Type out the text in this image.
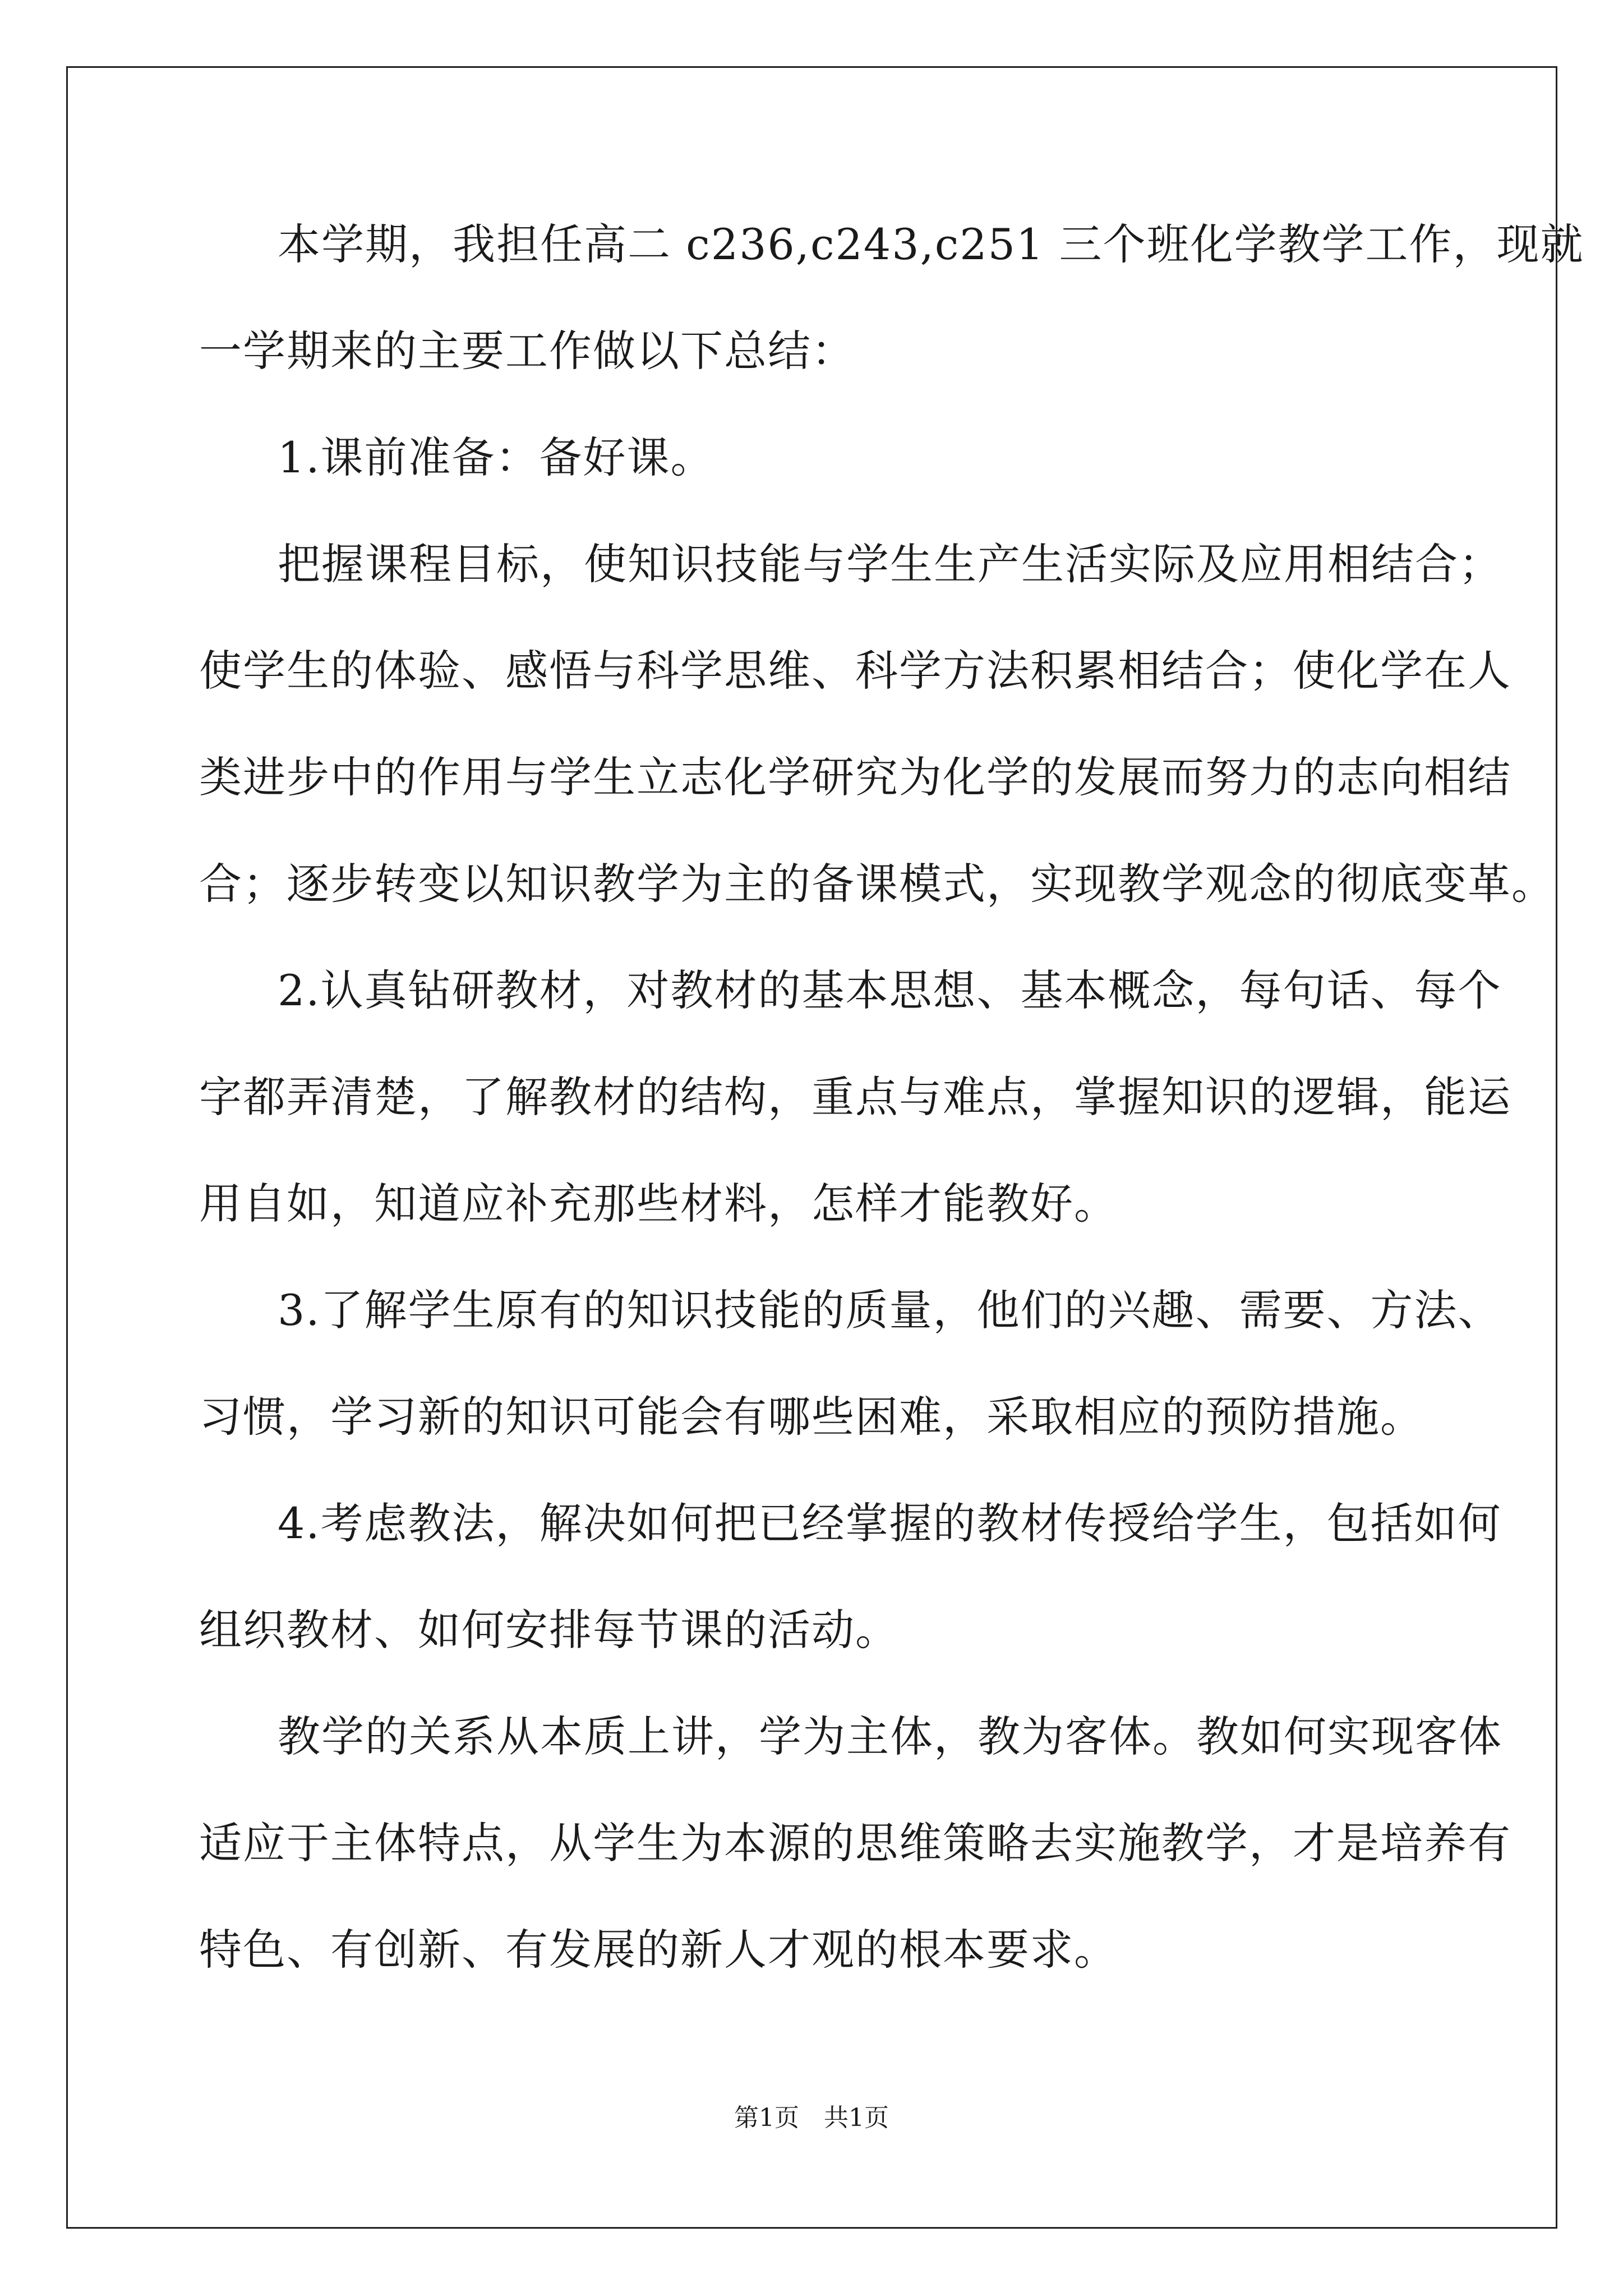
本学期，我担任高二 c236,c243,c251 三个班化学教学工作，现就
一学期来的主要工作做以下总结：
1.课前准备：备好课。
把握课程目标，使知识技能与学生生产生活实际及应用相结合；
使学生的体验、感悟与科学思维、科学方法积累相结合；使化学在人
类进步中的作用与学生立志化学研究为化学的发展而努力的志向相结
合；逐步转变以知识教学为主的备课模式，实现教学观念的彻底变革。
2.认真钻研教材，对教材的基本思想、基本概念，每句话、每个
字都弄清楚，了解教材的结构，重点与难点，掌握知识的逻辑，能运
用自如，知道应补充那些材料，怎样才能教好。
3.了解学生原有的知识技能的质量，他们的兴趣、需要、方法、
习惯，学习新的知识可能会有哪些困难，采取相应的预防措施。
4.考虑教法，解决如何把已经掌握的教材传授给学生，包括如何
组织教材、如何安排每节课的活动。
教学的关系从本质上讲，学为主体，教为客体。教如何实现客体
适应于主体特点，从学生为本源的思维策略去实施教学，才是培养有
特色、有创新、有发展的新人才观的根本要求。
第1页　共1页
